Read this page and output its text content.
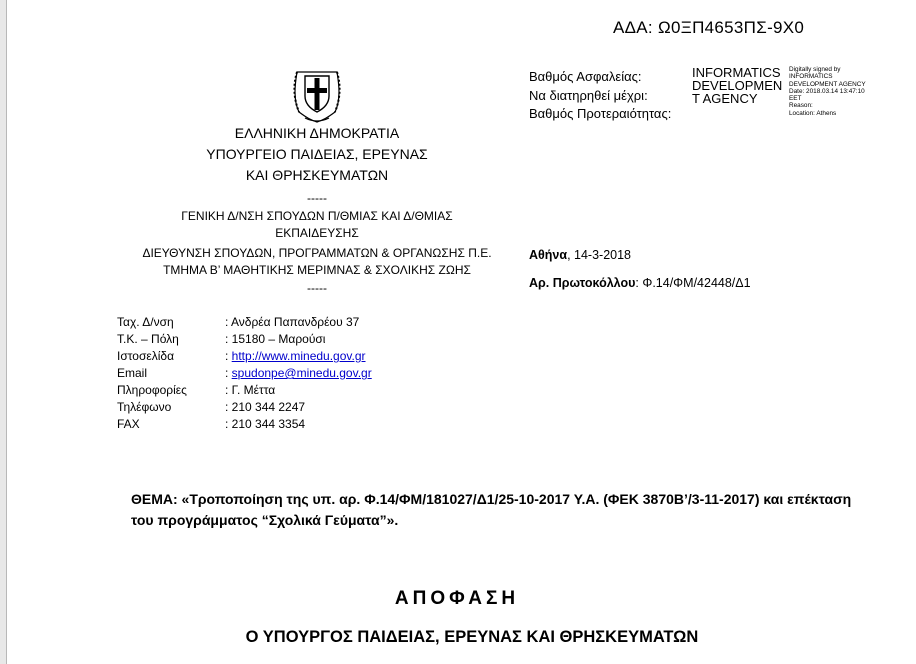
ΑΔΑ: Ω0ΞΠ4653ΠΣ-9Χ0
ΕΛΛΗΝΙΚΗ ΔΗΜΟΚΡΑΤΙΑ
ΥΠΟΥΡΓΕΙΟ ΠΑΙΔΕΙΑΣ, ΕΡΕΥΝΑΣ
ΚΑΙ ΘΡΗΣΚΕΥΜΑΤΩΝ
-----
ΓΕΝΙΚΗ Δ/ΝΣΗ ΣΠΟΥΔΩΝ Π/ΘΜΙΑΣ ΚΑΙ Δ/ΘΜΙΑΣ
ΕΚΠΑΙΔΕΥΣΗΣ
ΔΙΕΥΘΥΝΣΗ ΣΠΟΥΔΩΝ, ΠΡΟΓΡΑΜΜΑΤΩΝ & ΟΡΓΑΝΩΣΗΣ Π.Ε.
ΤΜΗΜΑ Β’ ΜΑΘΗΤΙΚΗΣ ΜΕΡΙΜΝΑΣ & ΣΧΟΛΙΚΗΣ ΖΩΗΣ
-----
Βαθμός Ασφαλείας:
Να διατηρηθεί μέχρι:
Βαθμός Προτεραιότητας:
INFORMATICS
DEVELOPMEN
T AGENCY
Digitally signed by
INFORMATICS
DEVELOPMENT AGENCY
Date: 2018.03.14 13:47:10
EET
Reason:
Location: Athens
Αθήνα, 14-3-2018
Αρ. Πρωτοκόλλου: Φ.14/ΦΜ/42448/Δ1
Ταχ. Δ/νση	: Ανδρέα Παπανδρέου 37
Τ.Κ. – Πόλη	: 15180 – Μαρούσι
Ιστοσελίδα	: http://www.minedu.gov.gr
Email	: spudonpe@minedu.gov.gr
Πληροφορίες	: Γ. Μέττα
Τηλέφωνο	: 210 344 2247
FAX	: 210 344 3354
ΘΕΜΑ: «Τροποποίηση της υπ. αρ. Φ.14/ΦΜ/181027/Δ1/25-10-2017 Υ.Α. (ΦΕΚ 3870Β’/3-11-2017) και επέκταση του προγράμματος “Σχολικά Γεύματα”».
ΑΠΟΦΑΣΗ
Ο ΥΠΟΥΡΓΟΣ ΠΑΙΔΕΙΑΣ, ΕΡΕΥΝΑΣ ΚΑΙ ΘΡΗΣΚΕΥΜΑΤΩΝ
